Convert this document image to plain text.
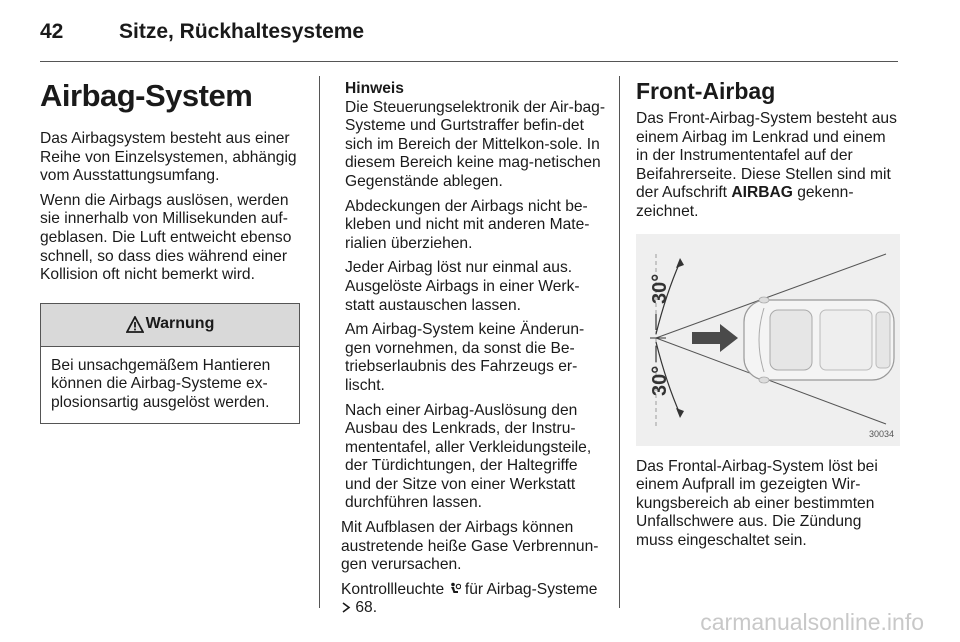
42	Sitze, Rückhaltesysteme
Airbag-System

Das Airbagsystem besteht aus einer Reihe von Einzelsystemen, abhängig vom Ausstattungsumfang.

Wenn die Airbags auslösen, werden sie innerhalb von Millisekunden auf-geblasen. Die Luft entweicht ebenso schnell, so dass dies während einer Kollision oft nicht bemerkt wird.

Warnung
Bei unsachgemäßem Hantieren können die Airbag-Systeme ex-plosionsartig ausgelöst werden.
Hinweis

Die Steuerungselektronik der Air-bag-Systeme und Gurtstraffer befin-det sich im Bereich der Mittelkon-sole. In diesem Bereich keine mag-netischen Gegenstände ablegen.

Abdeckungen der Airbags nicht be-kleben und nicht mit anderen Mate-rialien überziehen.

Jeder Airbag löst nur einmal aus. Ausgelöste Airbags in einer Werk-statt austauschen lassen.

Am Airbag-System keine Änderun-gen vornehmen, da sonst die Be-triebserlaubnis des Fahrzeugs er-lischt.

Nach einer Airbag-Auslösung den Ausbau des Lenkrads, der Instru-mententafel, aller Verkleidungsteile, der Türdichtungen, der Haltegriffe und der Sitze von einer Werkstatt durchführen lassen.

Mit Aufblasen der Airbags können austretende heiße Gase Verbrennun-gen verursachen.

Kontrollleuchte  für Airbag-Systeme
68.

Front-Airbag

Das Front-Airbag-System besteht aus einem Airbag im Lenkrad und einem in der Instrumententafel auf der Beifahrerseite. Diese Stellen sind mit der Aufschrift AIRBAG gekenn-zeichnet.

30°
30°
30034

Das Frontal-Airbag-System löst bei einem Aufprall im gezeigten Wir-kungsbereich ab einer bestimmten Unfallschwere aus. Die Zündung muss eingeschaltet sein.

carmanualsonline.info
